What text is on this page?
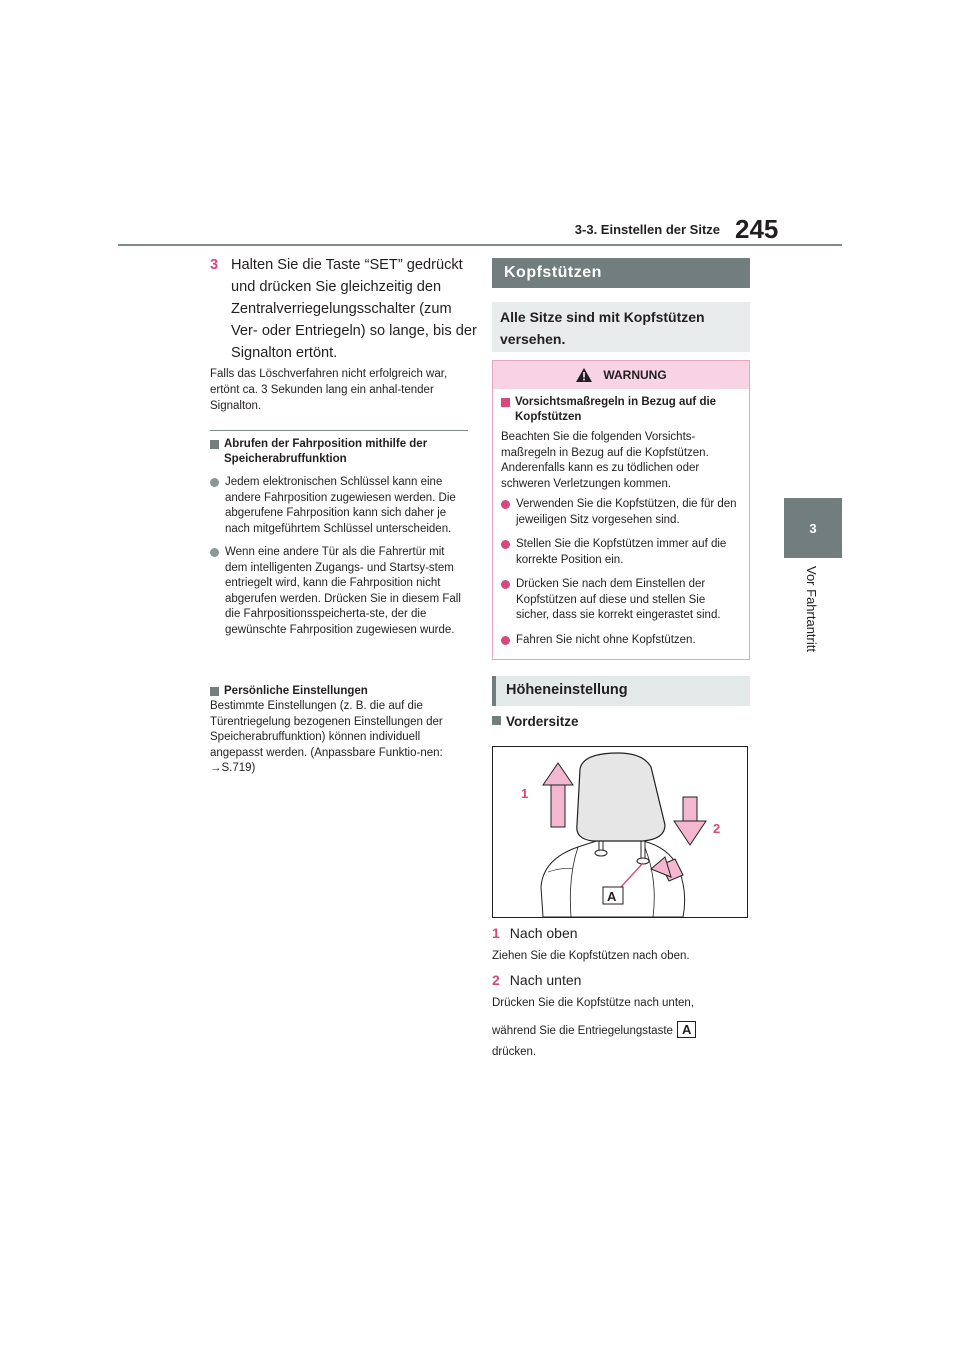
3-3. Einstellen der Sitze 245
3
Vor Fahrtantritt
3 Halten Sie die Taste “SET” gedrückt und drücken Sie gleichzeitig den Zentralverriegelungsschalter (zum Ver- oder Entriegeln) so lange, bis der Signalton ertönt.
Falls das Löschverfahren nicht erfolgreich war, ertönt ca. 3 Sekunden lang ein anhal-tender Signalton.
Abrufen der Fahrposition mithilfe der Speicherabruffunktion
Jedem elektronischen Schlüssel kann eine andere Fahrposition zugewiesen werden. Die abgerufene Fahrposition kann sich daher je nach mitgeführtem Schlüssel unterscheiden.
Wenn eine andere Tür als die Fahrertür mit dem intelligenten Zugangs- und Startsy-stem entriegelt wird, kann die Fahrposition nicht abgerufen werden. Drücken Sie in diesem Fall die Fahrpositionsspeicherta-ste, der die gewünschte Fahrposition zugewiesen wurde.
Persönliche Einstellungen
Bestimmte Einstellungen (z. B. die auf die Türentriegelung bezogenen Einstellungen der Speicherabruffunktion) können individuell angepasst werden. (Anpassbare Funktio-nen: →S.719)
Kopfstützen
Alle Sitze sind mit Kopfstützen versehen.
WARNUNG
Vorsichtsmaßregeln in Bezug auf die Kopfstützen
Beachten Sie die folgenden Vorsichts-maßregeln in Bezug auf die Kopfstützen. Anderenfalls kann es zu tödlichen oder schweren Verletzungen kommen.
Verwenden Sie die Kopfstützen, die für den jeweiligen Sitz vorgesehen sind.
Stellen Sie die Kopfstützen immer auf die korrekte Position ein.
Drücken Sie nach dem Einstellen der Kopfstützen auf diese und stellen Sie sicher, dass sie korrekt eingerastet sind.
Fahren Sie nicht ohne Kopfstützen.
Höheneinstellung
Vordersitze
1
2
A
1 Nach oben
Ziehen Sie die Kopfstützen nach oben.
2 Nach unten
Drücken Sie die Kopfstütze nach unten,
während Sie die Entriegelungstaste A
drücken.
